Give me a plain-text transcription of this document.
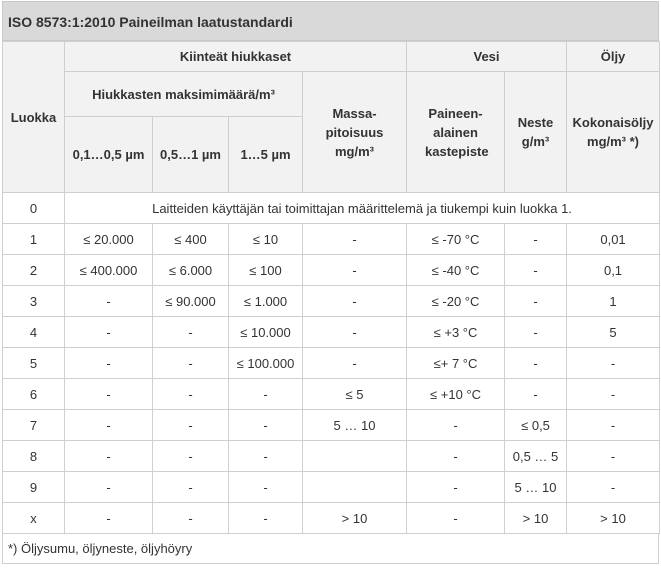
ISO 8573:1:2010 Paineilman laatustandardi
Luokka	Kiinteät hiukkaset				Vesi		Öljy
	Hiukkasten maksimimäärä/m³			Massa-pitoisuus mg/m³	Paineen-alainen kastepiste	Neste g/m³	Kokonaisöljy mg/m³ *)
	0,1…0,5 µm	0,5…1 µm	1…5 µm				
0	Laitteiden käyttäjän tai toimittajan määrittelemä ja tiukempi kuin luokka 1.						
1	≤ 20.000	≤ 400	≤ 10	-	≤ -70 °C	-	0,01
2	≤ 400.000	≤ 6.000	≤ 100	-	≤ -40 °C	-	0,1
3	-	≤ 90.000	≤ 1.000	-	≤ -20 °C	-	1
4	-	-	≤ 10.000	-	≤ +3 °C	-	5
5	-	-	≤ 100.000	-	≤+ 7 °C	-	-
6	-	-	-	≤ 5	≤ +10 °C	-	-
7	-	-	-	5 … 10	-	≤ 0,5	-
8	-	-	-		-	0,5 … 5	-
9	-	-	-		-	5 … 10	-
x	-	-	-	> 10	-	> 10	> 10
*) Öljysumu, öljyneste, öljyhöyry
